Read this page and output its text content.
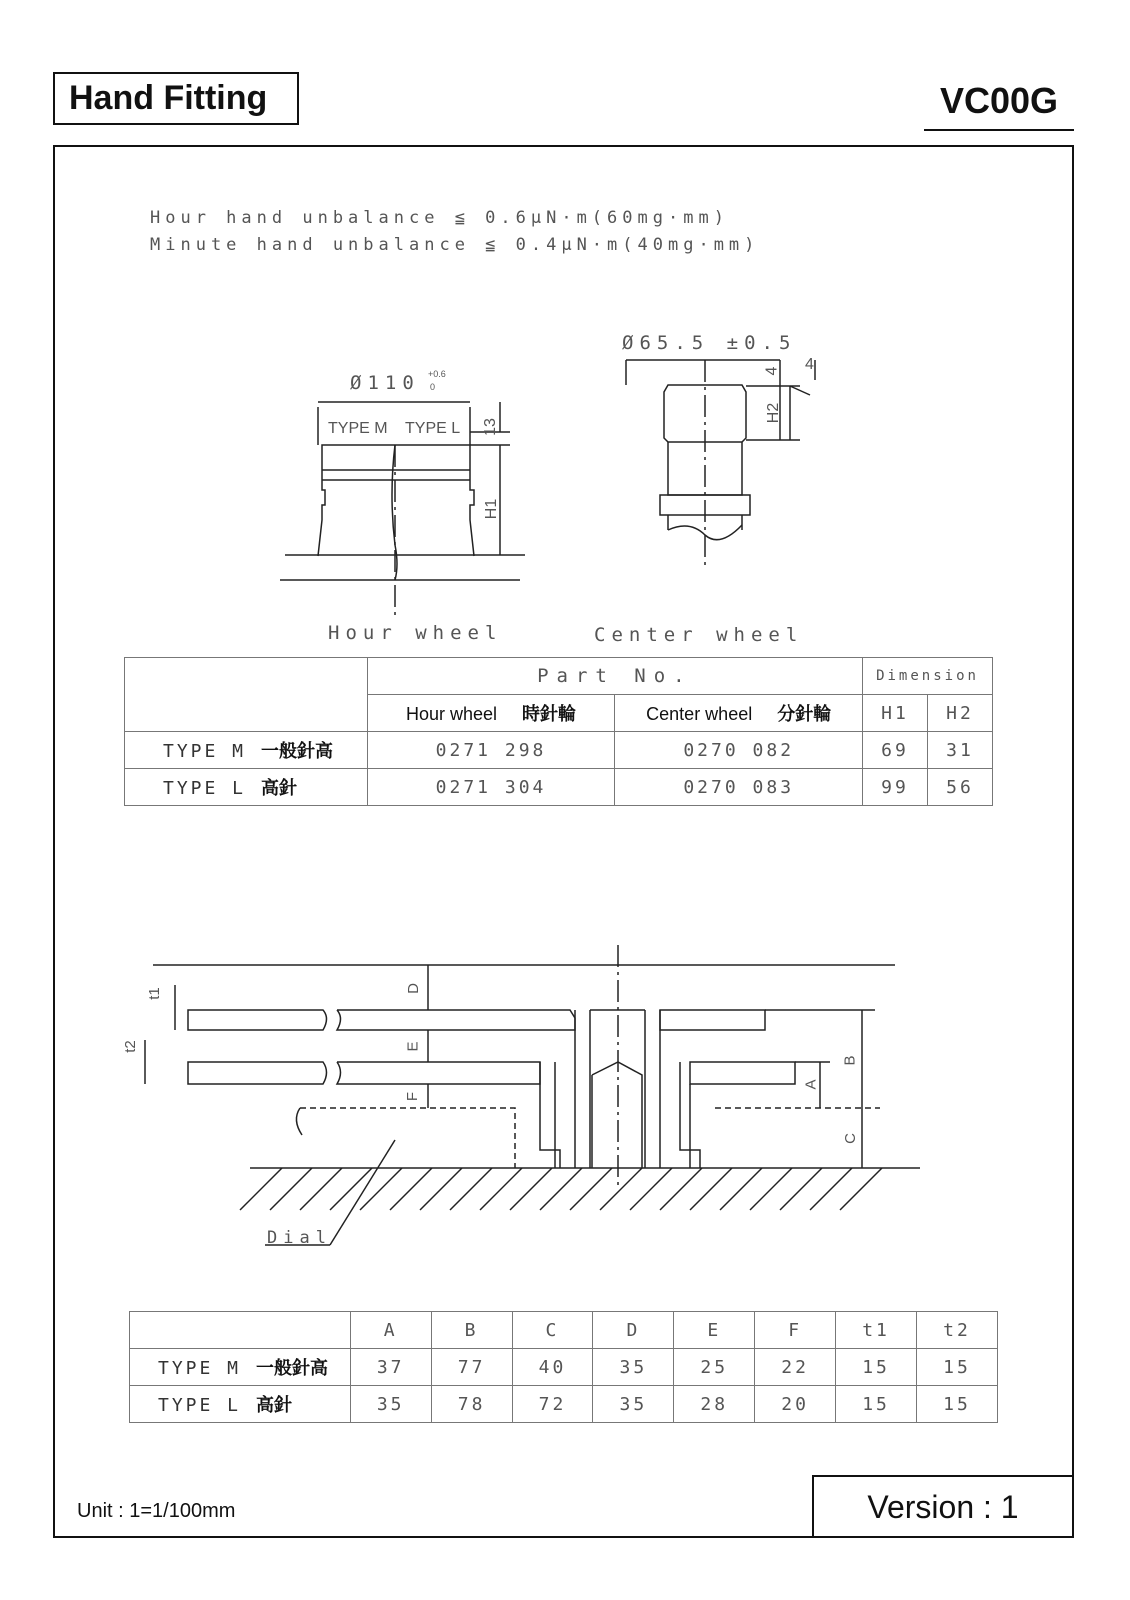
Hand Fitting	VC00G
Hour hand unbalance ≦ 0.6μN·m(60mg·mm)
Minute hand unbalance ≦ 0.4μN·m(40mg·mm)
Ø110 +0.6
0
TYPE M TYPE L 13
H1
Ø65.5 ±0.5
4 4
H2
Hour wheel	Center wheel
	Part No.		Dimension	
	Hour wheel 時針輪	Center wheel 分針輪	H1	H2
TYPE M 一般針高	0271 298	0270 082	69	31
TYPE L 高針	0271 304	0270 083	99	56
t1
t2
D
E
F
A
B
C
Dial
	A	B	C	D	E	F	t1	t2
TYPE M 一般針高	37	77	40	35	25	22	15	15
TYPE L 高針	35	78	72	35	28	20	15	15
Unit : 1=1/100mm	Version : 1
